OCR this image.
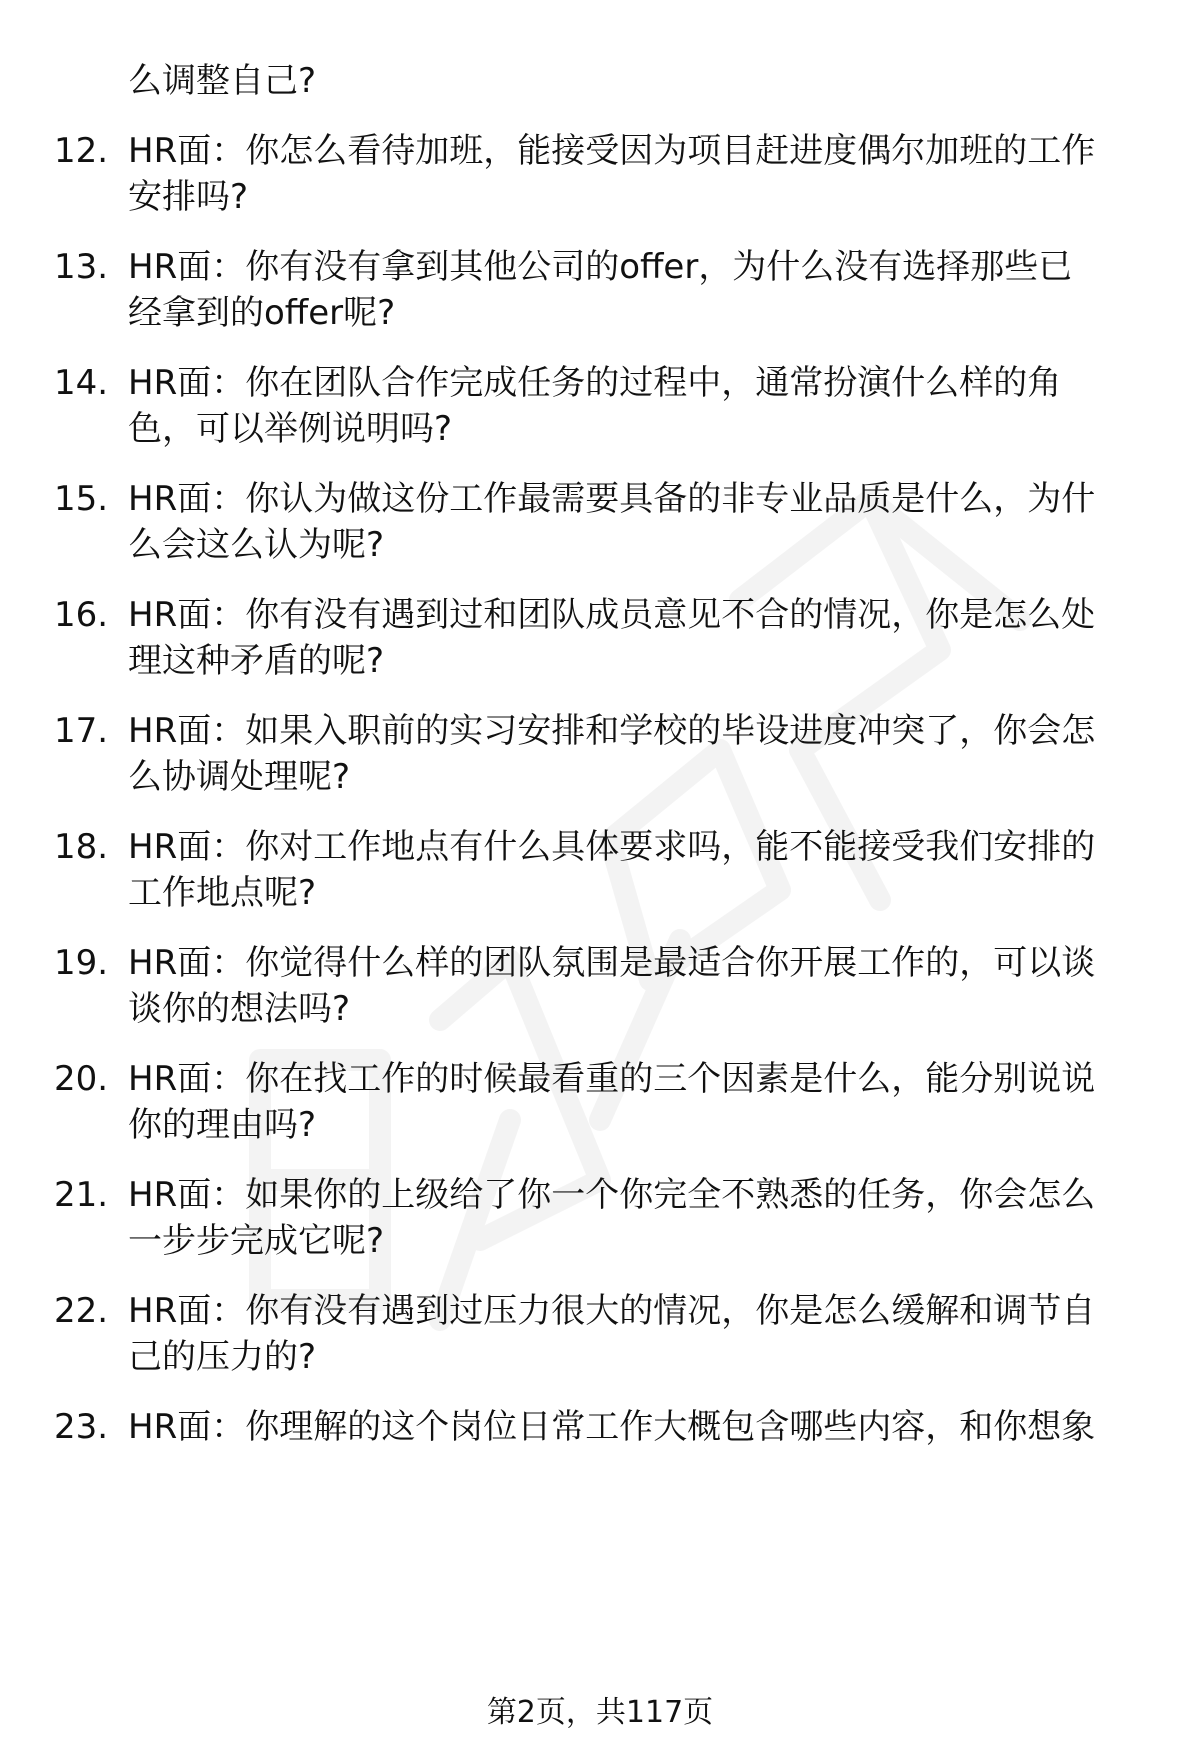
么调整自己?
12. HR面：你怎么看待加班，能接受因为项目赶进度偶尔加班的工作
安排吗?
13. HR面：你有没有拿到其他公司的offer，为什么没有选择那些已
经拿到的offer呢?
14. HR面：你在团队合作完成任务的过程中，通常扮演什么样的角
色，可以举例说明吗?
15. HR面：你认为做这份工作最需要具备的非专业品质是什么，为什
么会这么认为呢?
16. HR面：你有没有遇到过和团队成员意见不合的情况，你是怎么处
理这种矛盾的呢?
17. HR面：如果入职前的实习安排和学校的毕设进度冲突了，你会怎
么协调处理呢?
18. HR面：你对工作地点有什么具体要求吗，能不能接受我们安排的
工作地点呢?
19. HR面：你觉得什么样的团队氛围是最适合你开展工作的，可以谈
谈你的想法吗?
20. HR面：你在找工作的时候最看重的三个因素是什么，能分别说说
你的理由吗?
21. HR面：如果你的上级给了你一个你完全不熟悉的任务，你会怎么
一步步完成它呢?
22. HR面：你有没有遇到过压力很大的情况，你是怎么缓解和调节自
己的压力的?
23. HR面：你理解的这个岗位日常工作大概包含哪些内容，和你想象
第2页，共117页
